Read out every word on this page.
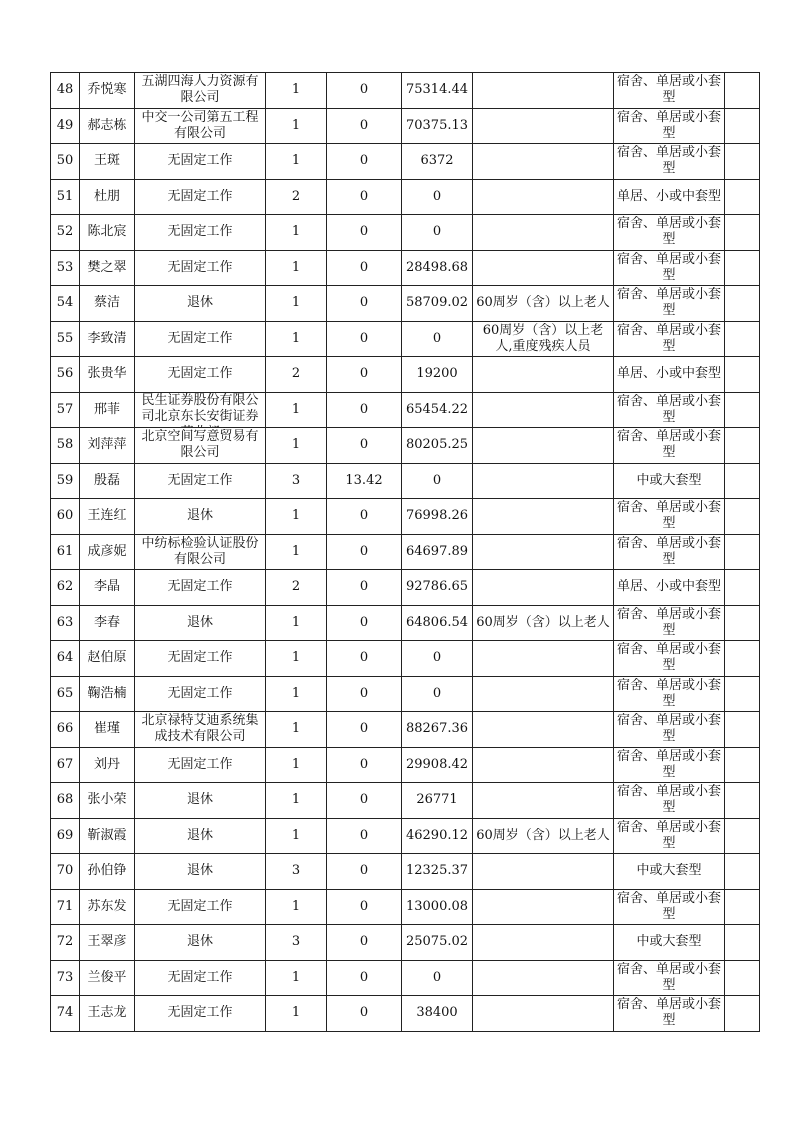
48	乔悦寒	五湖四海人力资源有限公司	1	0	75314.44		宿舍、单居或小套型	

49	郝志栋	中交一公司第五工程有限公司	1	0	70375.13		宿舍、单居或小套型	

50	王斑	无固定工作	1	0	6372		宿舍、单居或小套型	

51	杜朋	无固定工作	2	0	0		单居、小或中套型	

52	陈北宸	无固定工作	1	0	0		宿舍、单居或小套型	

53	樊之翠	无固定工作	1	0	28498.68		宿舍、单居或小套型	

54	蔡洁	退休	1	0	58709.02	60周岁（含）以上老人	宿舍、单居或小套型	

55	李致清	无固定工作	1	0	0	60周岁（含）以上老人,重度残疾人员	宿舍、单居或小套型	

56	张贵华	无固定工作	2	0	19200		单居、小或中套型	

57	邢菲	民生证券股份有限公司北京东长安街证券	1	0	65454.22		宿舍、单居或小套型	

58	刘萍萍	北京空间写意贸易有限公司	1	0	80205.25		宿舍、单居或小套型	

59	殷磊	无固定工作	3	13.42	0		中或大套型	

60	王连红	退休	1	0	76998.26		宿舍、单居或小套型	

61	成彦妮	中纺标检验认证股份有限公司	1	0	64697.89		宿舍、单居或小套型	

62	李晶	无固定工作	2	0	92786.65		单居、小或中套型	

63	李春	退休	1	0	64806.54	60周岁（含）以上老人	宿舍、单居或小套型	

64	赵伯原	无固定工作	1	0	0		宿舍、单居或小套型	

65	鞠浩楠	无固定工作	1	0	0		宿舍、单居或小套型	

66	崔瑾	北京禄特艾迪系统集成技术有限公司	1	0	88267.36		宿舍、单居或小套型	

67	刘丹	无固定工作	1	0	29908.42		宿舍、单居或小套型	

68	张小荣	退休	1	0	26771		宿舍、单居或小套型	

69	靳淑霞	退休	1	0	46290.12	60周岁（含）以上老人	宿舍、单居或小套型	

70	孙伯铮	退休	3	0	12325.37		中或大套型	

71	苏东发	无固定工作	1	0	13000.08		宿舍、单居或小套型	

72	王翠彦	退休	3	0	25075.02		中或大套型	

73	兰俊平	无固定工作	1	0	0		宿舍、单居或小套型	

74	王志龙	无固定工作	1	0	38400		宿舍、单居或小套型	
